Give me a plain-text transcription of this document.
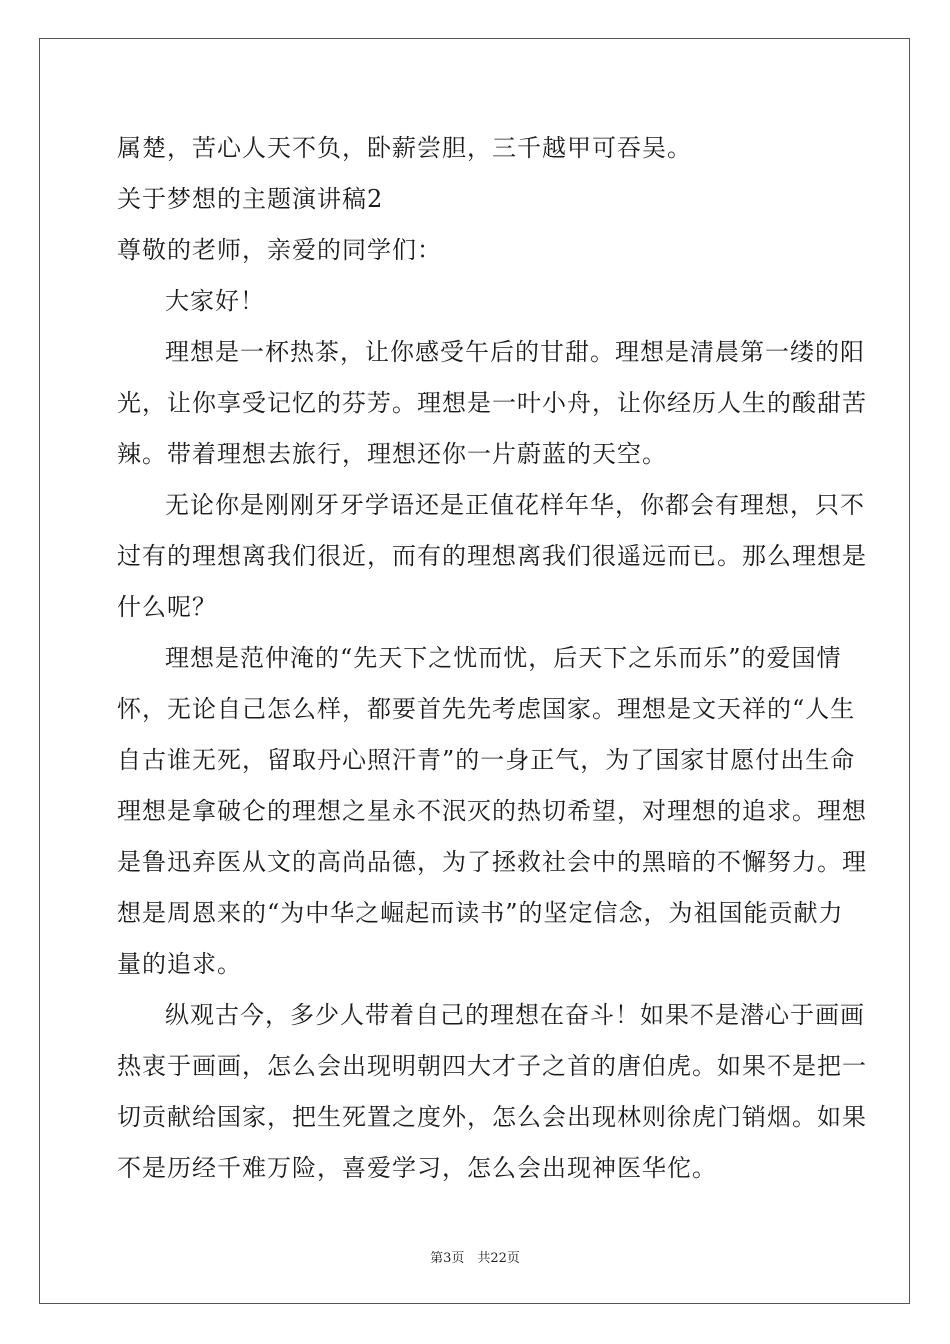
属楚，苦心人天不负，卧薪尝胆，三千越甲可吞吴。
关于梦想的主题演讲稿2
尊敬的老师，亲爱的同学们：
大家好！
理想是一杯热茶，让你感受午后的甘甜。理想是清晨第一缕的阳
光，让你享受记忆的芬芳。理想是一叶小舟，让你经历人生的酸甜苦
辣。带着理想去旅行，理想还你一片蔚蓝的天空。
无论你是刚刚牙牙学语还是正值花样年华，你都会有理想，只不
过有的理想离我们很近，而有的理想离我们很遥远而已。那么理想是
什么呢？
理想是范仲淹的“先天下之忧而忧，后天下之乐而乐”的爱国情
怀，无论自己怎么样，都要首先先考虑国家。理想是文天祥的“人生
自古谁无死，留取丹心照汗青”的一身正气，为了国家甘愿付出生命
理想是拿破仑的理想之星永不泯灭的热切希望，对理想的追求。理想
是鲁迅弃医从文的高尚品德，为了拯救社会中的黑暗的不懈努力。理
想是周恩来的“为中华之崛起而读书”的坚定信念，为祖国能贡献力
量的追求。
纵观古今，多少人带着自己的理想在奋斗！如果不是潜心于画画
热衷于画画，怎么会出现明朝四大才子之首的唐伯虎。如果不是把一
切贡献给国家，把生死置之度外，怎么会出现林则徐虎门销烟。如果
不是历经千难万险，喜爱学习，怎么会出现神医华佗。
第3页　共22页
